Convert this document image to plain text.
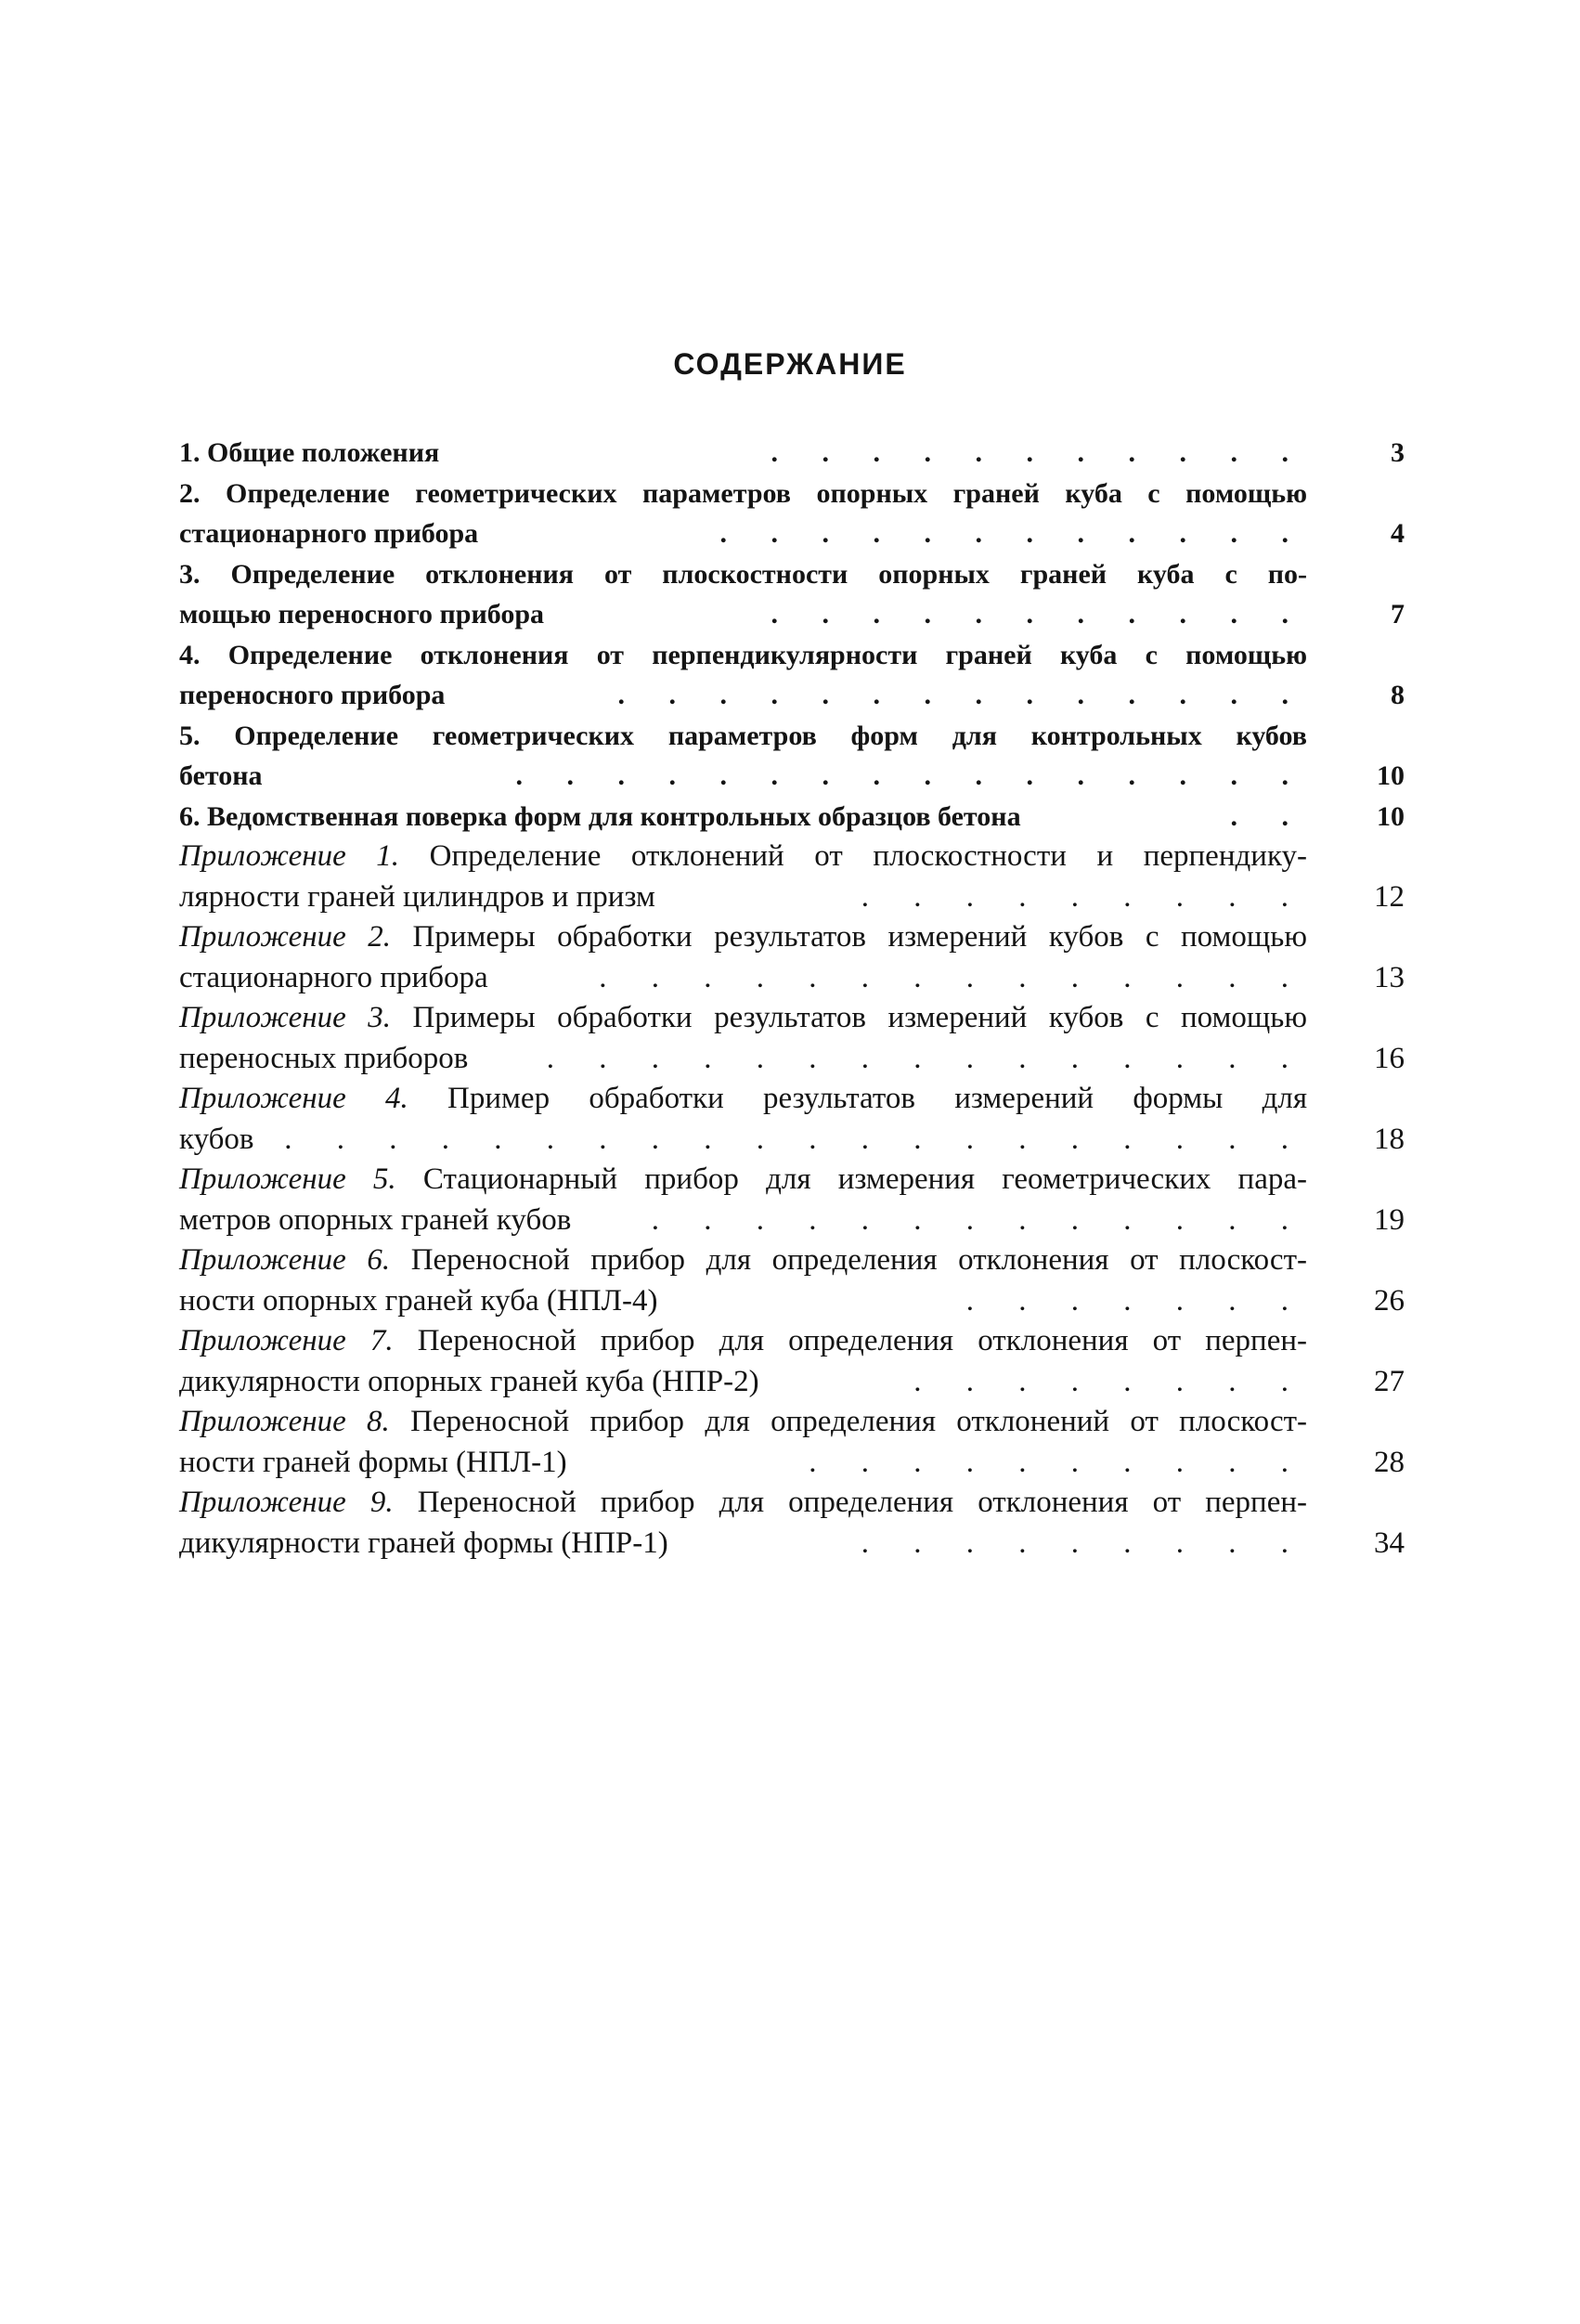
СОДЕРЖАНИЕ
1. Общие положения	. . . . . . . . . . .	3
2. Определение геометрических параметров опорных граней куба с помощью
стационарного прибора	. . . . . . . . . . . .	4
3. Определение отклонения от плоскостности опорных граней куба с по-
мощью переносного прибора	. . . . . . . . . . .	7
4. Определение отклонения от перпендикулярности граней куба с помощью
переносного прибора	. . . . . . . . . . . . . .	8
5. Определение геометрических параметров форм для контрольных кубов
бетона	. . . . . . . . . . . . . . . .	10
6. Ведомственная поверка форм для контрольных образцов бетона	. .	10
Приложение 1. Определение отклонений от плоскостности и перпендику-
лярности граней цилиндров и призм	. . . . . . . . .	12
Приложение 2. Примеры обработки результатов измерений кубов с помощью
стационарного прибора	. . . . . . . . . . . . . .	13
Приложение 3. Примеры обработки результатов измерений кубов с помощью
переносных приборов	. . . . . . . . . . . . . . .	16
Приложение 4. Пример обработки результатов измерений формы для
кубов . . . . . . . . . . . . . . . . . . . .	18
Приложение 5. Стационарный прибор для измерения геометрических пара-
метров опорных граней кубов	. . . . . . . . . . . . .	19
Приложение 6. Переносной прибор для определения отклонения от плоскост-
ности опорных граней куба (НПЛ-4)	. . . . . . .	26
Приложение 7. Переносной прибор для определения отклонения от перпен-
дикулярности опорных граней куба (НПР-2)	. . . . . . . .	27
Приложение 8. Переносной прибор для определения отклонений от плоскост-
ности граней формы (НПЛ-1)	. . . . . . . . . .	28
Приложение 9. Переносной прибор для определения отклонения от перпен-
дикулярности граней формы (НПР-1)	. . . . . . . . .	34
